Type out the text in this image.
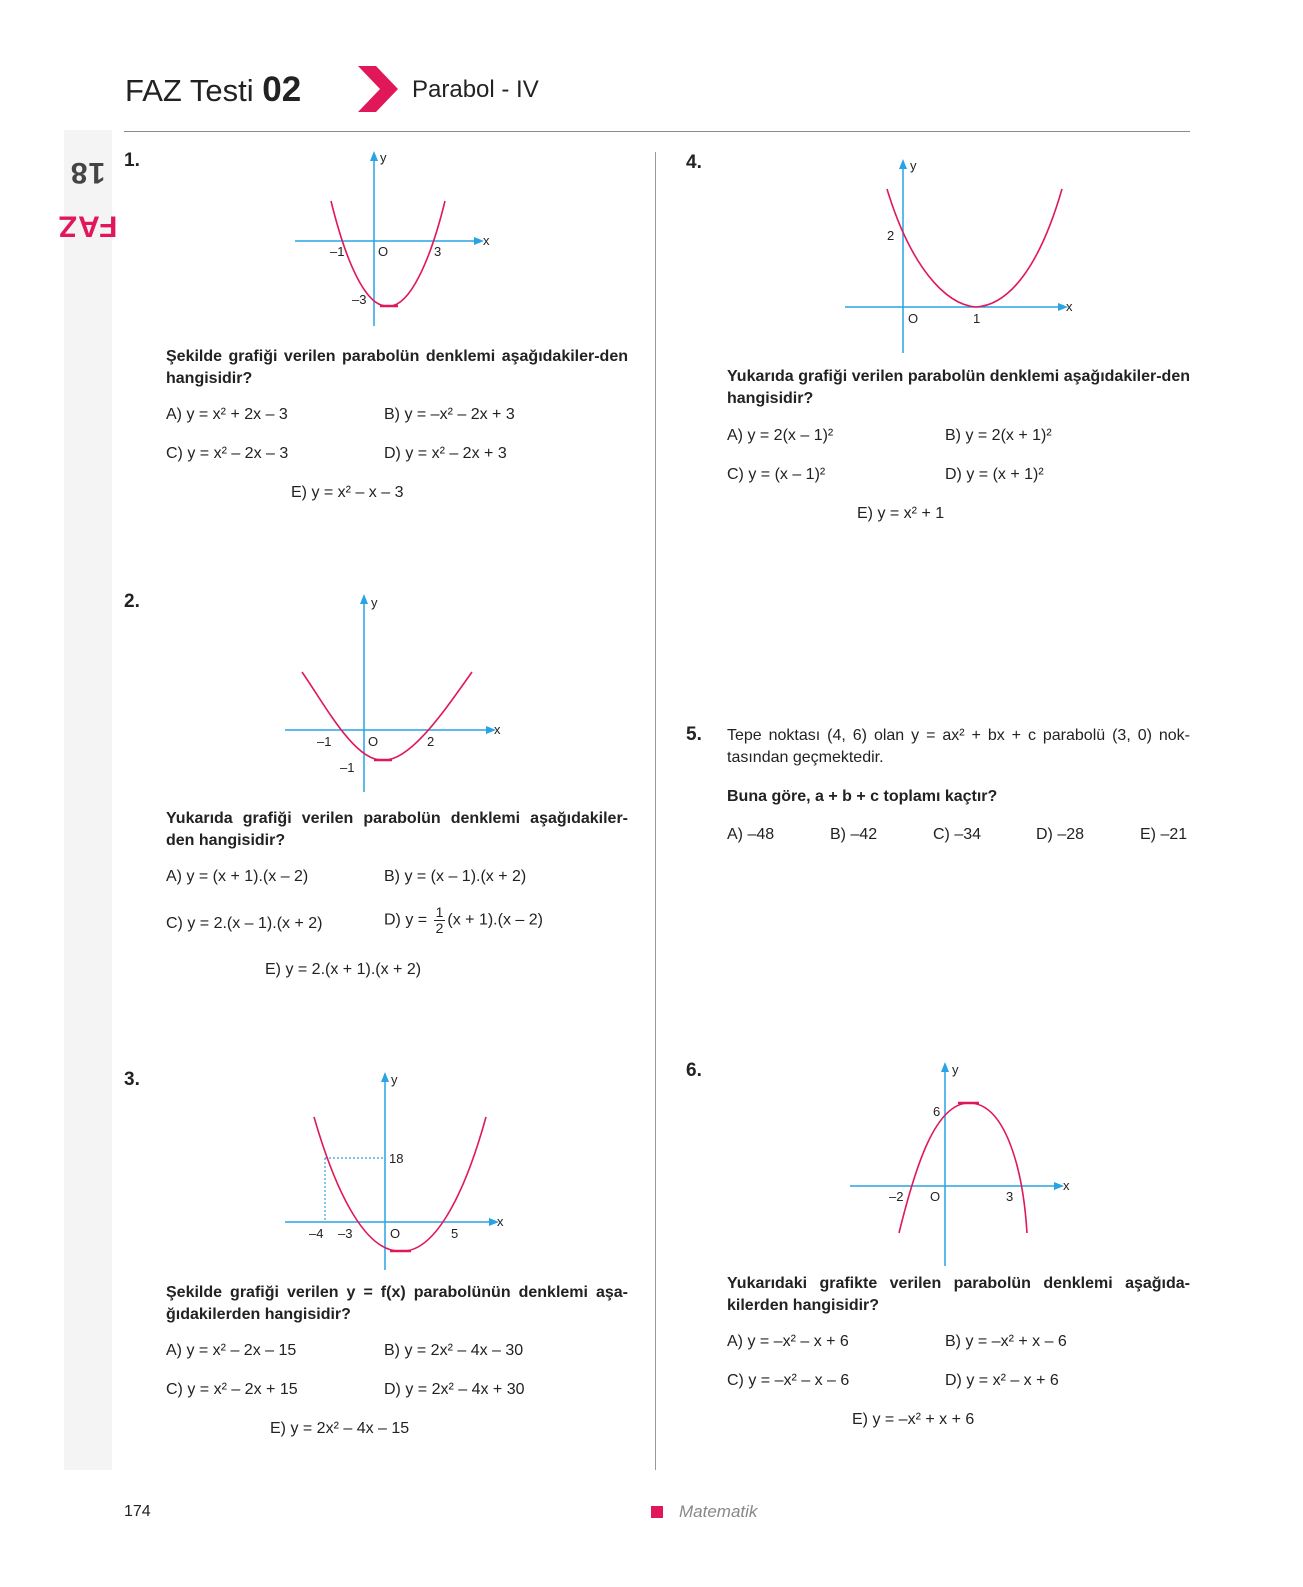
FAZ18
FAZ Testi 02	Parabol - IV
1.
x
y
–1	O	3
–3
Şekilde grafiği verilen parabolün denklemi aşağıdakiler-den hangisidir?
A) y = x² + 2x – 3	B) y = –x² – 2x + 3
C) y = x² – 2x – 3	D) y = x² – 2x + 3
E) y = x² – x – 3
2.
x
y
–1	O	2
–1
Yukarıda grafiği verilen parabolün denklemi aşağıdakiler-den hangisidir?
A) y = (x + 1).(x – 2)	B) y = (x – 1).(x + 2)
C) y = 2.(x – 1).(x + 2)	D) $y = \frac{1}{2} (x + 1).(x - 2)$
E) y = 2.(x + 1).(x + 2)
3.
x
y
18
–4 –3	O	5
Şekilde grafiği verilen y = f(x) parabolünün denklemi aşa-ğıdakilerden hangisidir?
A) y = x² – 2x – 15	B) y = 2x² – 4x – 30
C) y = x² – 2x + 15	D) y = 2x² – 4x + 30
E) y = 2x² – 4x – 15
4.
x
y
2
O	1
Yukarıda grafiği verilen parabolün denklemi aşağıdakiler-den hangisidir?
A) y = 2(x – 1)²	B) y = 2(x + 1)²
C) y = (x – 1)²	D) y = (x + 1)²
E) y = x² + 1
5. Tepe noktası (4, 6) olan y = ax² + bx + c parabolü (3, 0) nok-tasından geçmektedir.
Buna göre, a + b + c toplamı kaçtır?
A) –48	B) –42	C) –34	D) –28	E) –21
6.
x
y
6
–2 O	3
Yukarıdaki grafikte verilen parabolün denklemi aşağıda-kilerden hangisidir?
A) y = –x² – x + 6	B) y = –x² + x – 6
C) y = –x² – x – 6	D) y = x² – x + 6
E) y = –x² + x + 6
174	Matematik
